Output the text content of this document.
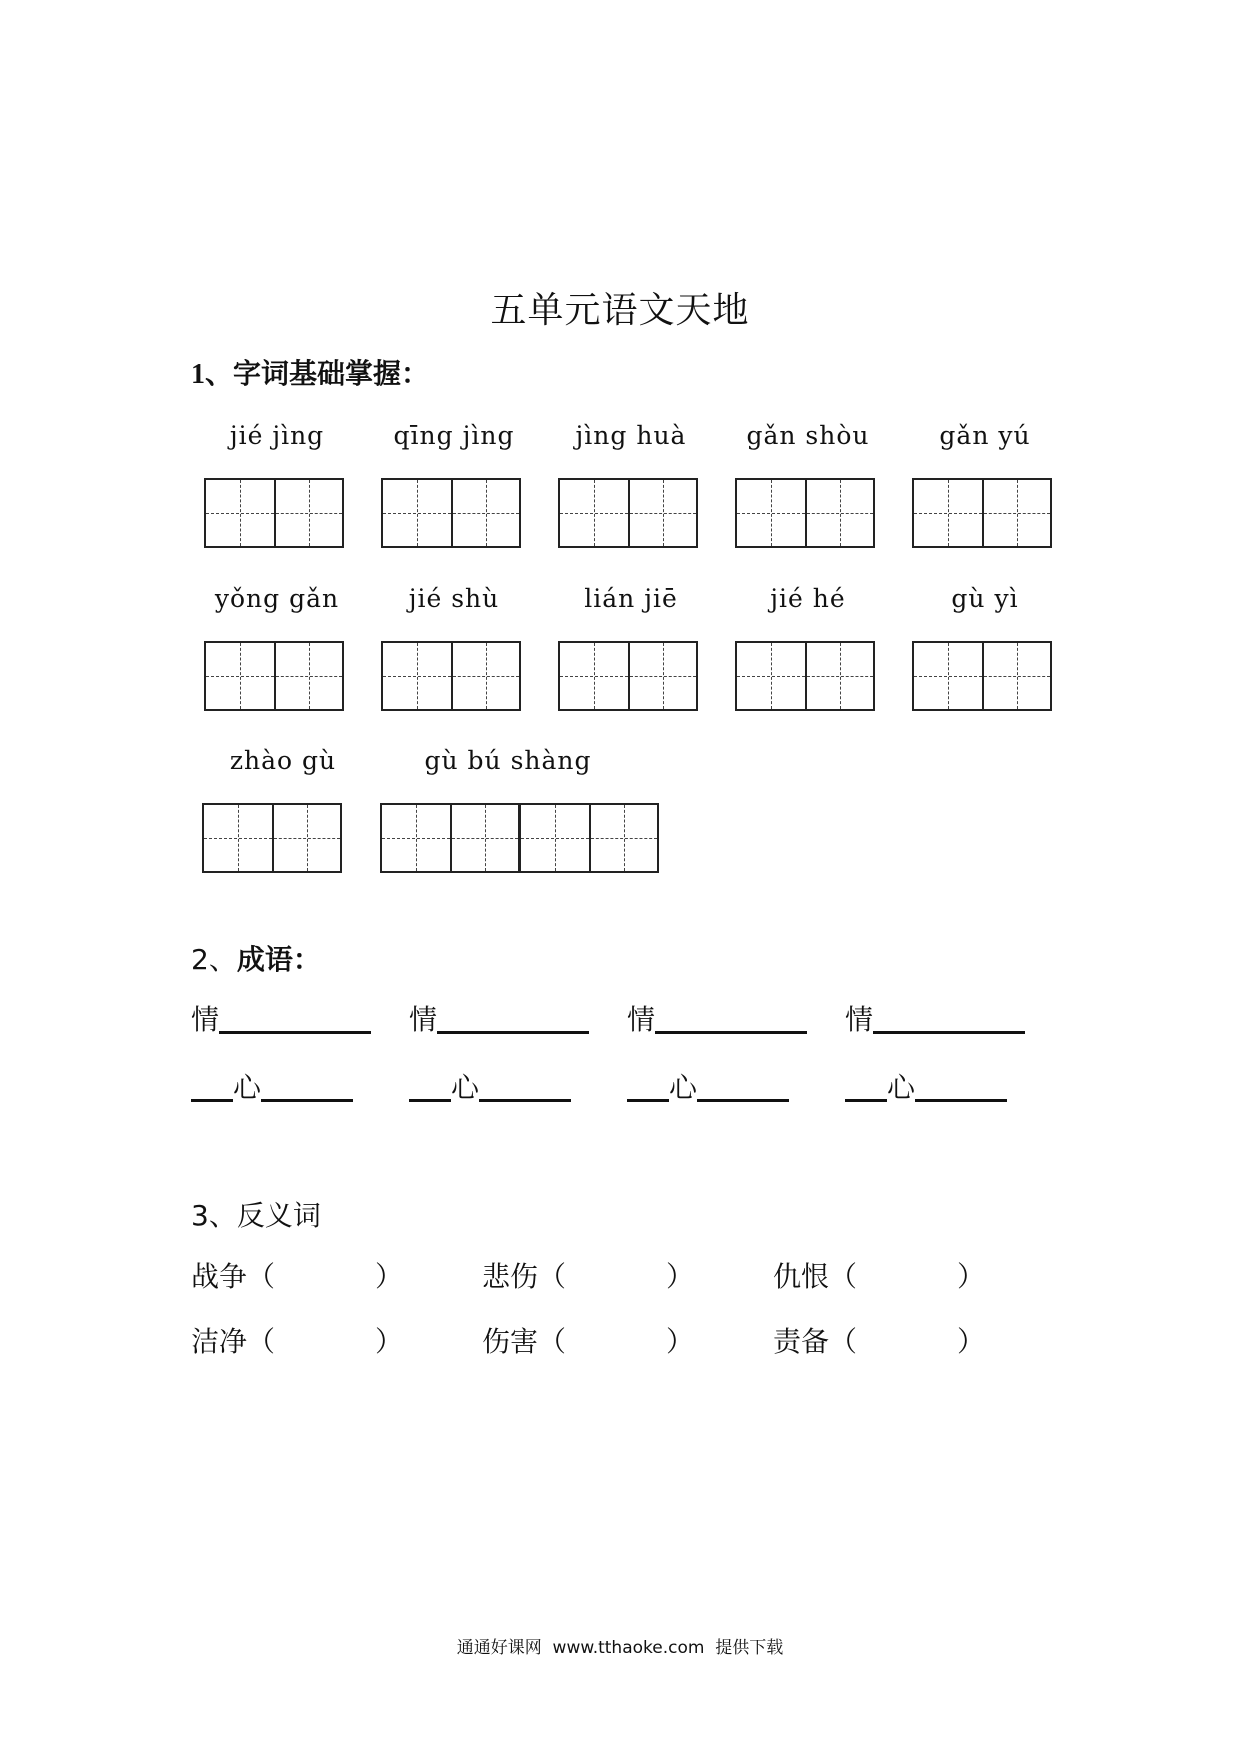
五单元语文天地
1、字词基础掌握：
jié jìng	qīng jìng	jìng huà	gǎn shòu	gǎn yú
yǒng gǎn	jié shù	lián jiē	jié hé	gù yì
zhào gù	gù bú shàng
2、成语：
情	情	情	情
心	心	心	心
3、反义词
战争（	）	悲伤（	）	仇恨（	）
洁净（	）	伤害（	）	责备（	）
通通好课网  www.tthaoke.com  提供下载
